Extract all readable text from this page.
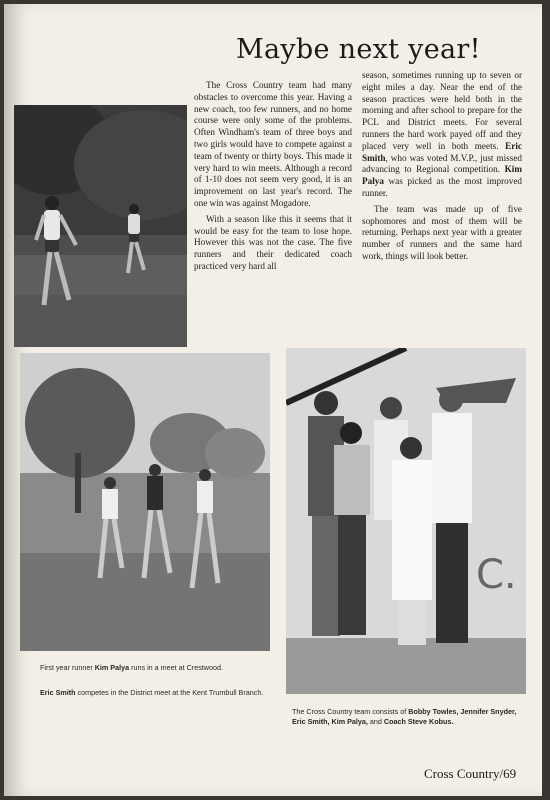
Maybe next year!

The Cross Country team had many obstacles to overcome this year. Having a new coach, too few runners, and no home course were only some of the problems. Often Windham's team of three boys and two girls would have to compete against a team of twenty or thirty boys. This made it very hard to win meets. Although a record of 1-10 does not seem very good, it is an improvement on last year's record. The one win was against Mogadore.

With a season like this it seems that it would be easy for the team to lose hope. However this was not the case. The five runners and their dedicated coach practiced very hard all

season, sometimes running up to seven or eight miles a day. Near the end of the season practices were held both in the morning and after school to prepare for the PCL and District meets. For several runners the hard work payed off and they placed very well in both meets. Eric Smith, who was voted M.V.P., just missed advancing to Regional competition. Kim Palya was picked as the most improved runner.

The team was made up of five sophomores and most of them will be returning. Perhaps next year with a greater number of runners and the same hard work, things will look better.

C.
First year runner Kim Palya runs in a meet at Crestwood.
Eric Smith competes in the District meet at the Kent Trumbull Branch.
The Cross Country team consists of Bobby Towles, Jennifer Snyder, Eric Smith, Kim Palya, and Coach Steve Kobus.
Cross Country/69
